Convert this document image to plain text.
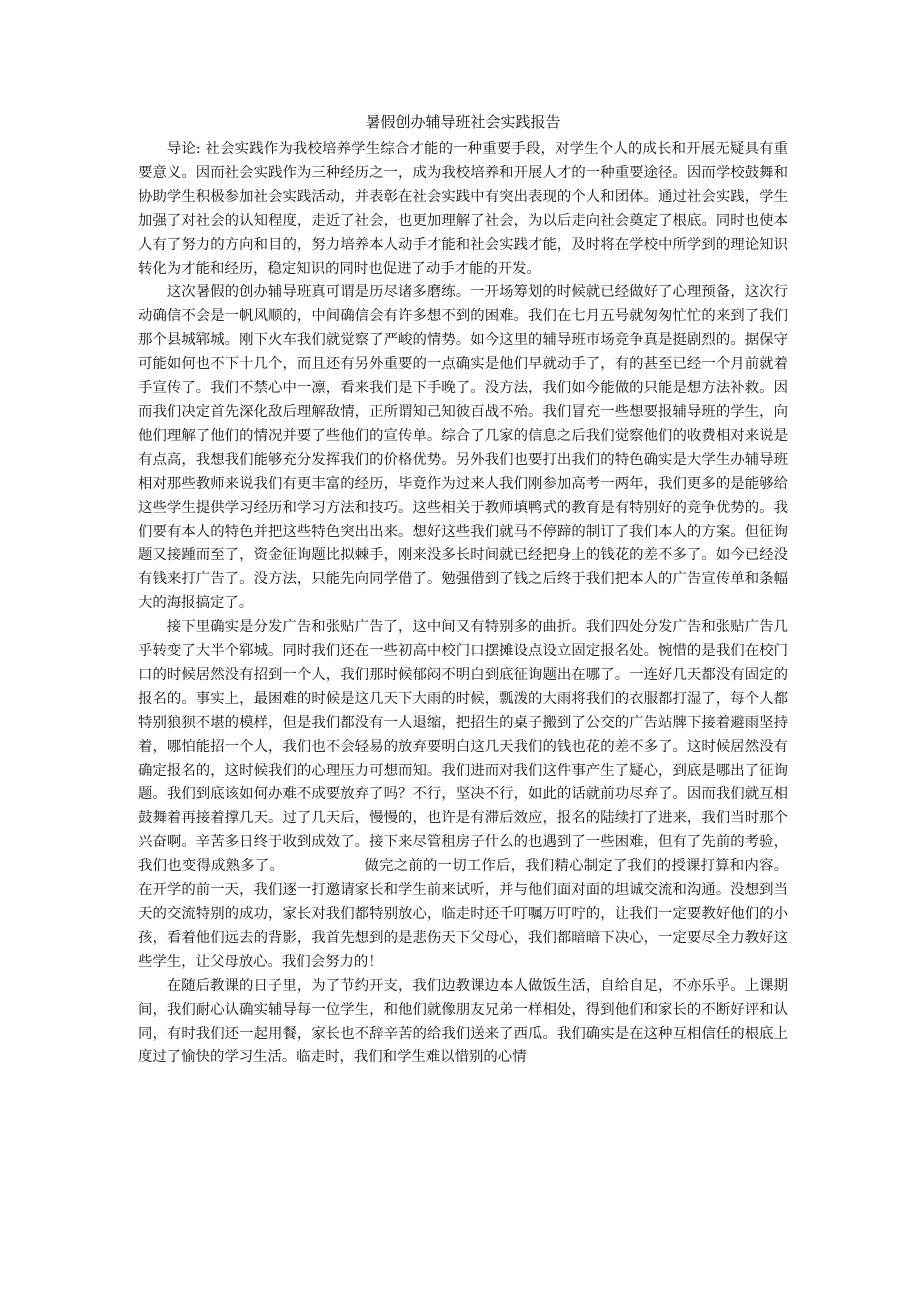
暑假创办辅导班社会实践报告

导论: 社会实践作为我校培养学生综合才能的一种重要手段，对学生个人的成长和开展无疑具有重要意义。因而社会实践作为三种经历之一，成为我校培养和开展人才的一种重要途径。因而学校鼓舞和协助学生积极参加社会实践活动，并表彰在社会实践中有突出表现的个人和团体。通过社会实践，学生加强了对社会的认知程度，走近了社会，也更加理解了社会，为以后走向社会奠定了根底。同时也使本人有了努力的方向和目的，努力培养本人动手才能和社会实践才能，及时将在学校中所学到的理论知识转化为才能和经历，稳定知识的同时也促进了动手才能的开发。

这次暑假的创办辅导班真可谓是历尽诸多磨练。一开场筹划的时候就已经做好了心理预备，这次行动确信不会是一帆风顺的，中间确信会有许多想不到的困难。我们在七月五号就匆匆忙忙的来到了我们那个县城郓城。刚下火车我们就觉察了严峻的情势。如今这里的辅导班市场竞争真是挺剧烈的。据保守可能如何也不下十几个，而且还有另外重要的一点确实是他们早就动手了，有的甚至已经一个月前就着手宣传了。我们不禁心中一凛，看来我们是下手晚了。没方法，我们如今能做的只能是想方法补救。因而我们决定首先深化敌后理解敌情，正所谓知己知彼百战不殆。我们冒充一些想要报辅导班的学生，向他们理解了他们的情况并要了些他们的宣传单。综合了几家的信息之后我们觉察他们的收费相对来说是有点高，我想我们能够充分发挥我们的价格优势。另外我们也要打出我们的特色确实是大学生办辅导班相对那些教师来说我们有更丰富的经历，毕竟作为过来人我们刚参加高考一两年，我们更多的是能够给这些学生提供学习经历和学习方法和技巧。这些相关于教师填鸭式的教育是有特别好的竞争优势的。我们要有本人的特色并把这些特色突出出来。想好这些我们就马不停蹄的制订了我们本人的方案。但征询题又接踵而至了，资金征询题比拟棘手，刚来没多长时间就已经把身上的钱花的差不多了。如今已经没有钱来打广告了。没方法，只能先向同学借了。勉强借到了钱之后终于我们把本人的广告宣传单和条幅大的海报搞定了。

接下里确实是分发广告和张贴广告了，这中间又有特别多的曲折。我们四处分发广告和张贴广告几乎转变了大半个郓城。同时我们还在一些初高中校门口摆摊设点设立固定报名处。惋惜的是我们在校门口的时候居然没有招到一个人，我们那时候郁闷不明白到底征询题出在哪了。一连好几天都没有固定的报名的。事实上，最困难的时候是这几天下大雨的时候，瓢泼的大雨将我们的衣服都打湿了，每个人都特别狼狈不堪的模样，但是我们都没有一人退缩，把招生的桌子搬到了公交的广告站牌下接着避雨坚持着，哪怕能招一个人，我们也不会轻易的放弃要明白这几天我们的钱也花的差不多了。这时候居然没有确定报名的，这时候我们的心理压力可想而知。我们进而对我们这件事产生了疑心，到底是哪出了征询题。我们到底该如何办难不成要放弃了吗？不行，坚决不行，如此的话就前功尽弃了。因而我们就互相鼓舞着再接着撑几天。过了几天后，慢慢的，也许是有滞后效应，报名的陆续打了进来，我们当时那个兴奋啊。辛苦多日终于收到成效了。接下来尽管租房子什么的也遇到了一些困难，但有了先前的考验，我们也变得成熟多了。　　　　　　做完之前的一切工作后，我们精心制定了我们的授课打算和内容。在开学的前一天，我们逐一打邀请家长和学生前来试听，并与他们面对面的坦诚交流和沟通。没想到当天的交流特别的成功，家长对我们都特别放心，临走时还千叮嘱万叮咛的，让我们一定要教好他们的小孩，看着他们远去的背影，我首先想到的是悲伤天下父母心，我们都暗暗下决心，一定要尽全力教好这些学生，让父母放心。我们会努力的！

在随后教课的日子里，为了节约开支，我们边教课边本人做饭生活，自给自足，不亦乐乎。上课期间，我们耐心认确实辅导每一位学生，和他们就像朋友兄弟一样相处，得到他们和家长的不断好评和认同，有时我们还一起用餐，家长也不辞辛苦的给我们送来了西瓜。我们确实是在这种互相信任的根底上度过了愉快的学习生活。临走时，我们和学生难以惜别的心情
